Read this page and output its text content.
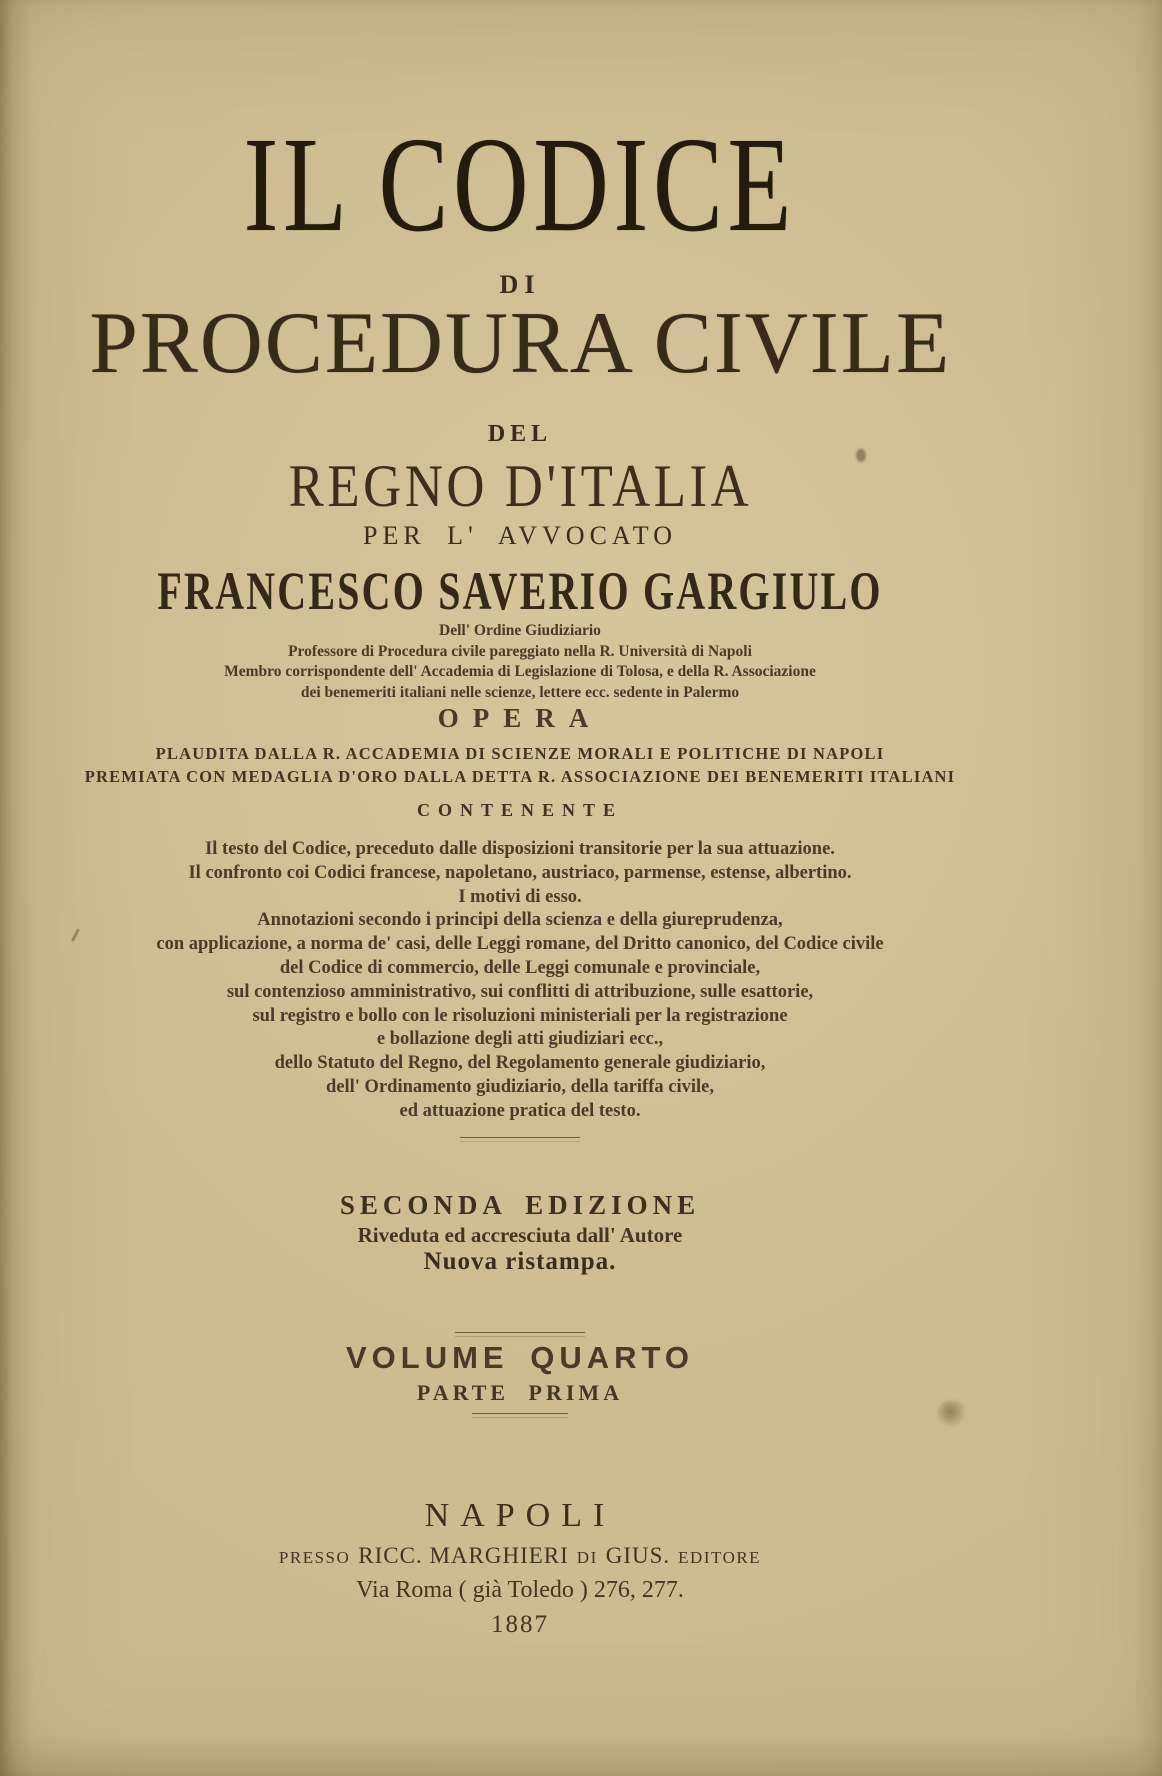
IL CODICE
DI
PROCEDURA CIVILE
DEL
REGNO D'ITALIA
PER L' AVVOCATO
FRANCESCO SAVERIO GARGIULO
Dell' Ordine Giudiziario
Professore di Procedura civile pareggiato nella R. Università di Napoli
Membro corrispondente dell' Accademia di Legislazione di Tolosa, e della R. Associazione
dei benemeriti italiani nelle scienze, lettere ecc. sedente in Palermo
OPERA
PLAUDITA DALLA R. ACCADEMIA DI SCIENZE MORALI E POLITICHE DI NAPOLI
PREMIATA CON MEDAGLIA D'ORO DALLA DETTA R. ASSOCIAZIONE DEI BENEMERITI ITALIANI
CONTENENTE
Il testo del Codice, preceduto dalle disposizioni transitorie per la sua attuazione.
Il confronto coi Codici francese, napoletano, austriaco, parmense, estense, albertino.
I motivi di esso.
Annotazioni secondo i principi della scienza e della giureprudenza,
con applicazione, a norma de' casi, delle Leggi romane, del Dritto canonico, del Codice civile
del Codice di commercio, delle Leggi comunale e provinciale,
sul contenzioso amministrativo, sui conflitti di attribuzione, sulle esattorie,
sul registro e bollo con le risoluzioni ministeriali per la registrazione
e bollazione degli atti giudiziari ecc.,
dello Statuto del Regno, del Regolamento generale giudiziario,
dell' Ordinamento giudiziario, della tariffa civile,
ed attuazione pratica del testo.
SECONDA EDIZIONE
Riveduta ed accresciuta dall' Autore
Nuova ristampa.
VOLUME QUARTO
PARTE PRIMA
NAPOLI
PRESSO RICC. MARGHIERI DI GIUS. EDITORE
Via Roma ( già Toledo ) 276, 277.
1887
